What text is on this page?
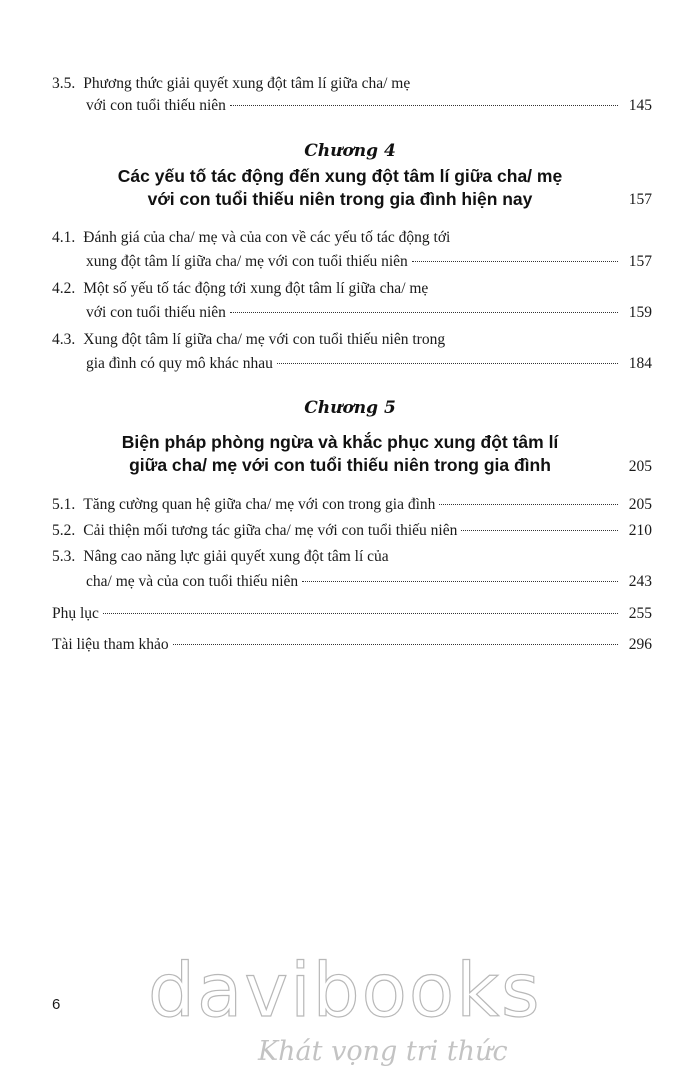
3.5. Phương thức giải quyết xung đột tâm lí giữa cha/ mẹ
với con tuổi thiếu niên	145
Chương 4
Các yếu tố tác động đến xung đột tâm lí giữa cha/ mẹ
với con tuổi thiếu niên trong gia đình hiện nay	157
4.1. Đánh giá của cha/ mẹ và của con về các yếu tố tác động tới
xung đột tâm lí giữa cha/ mẹ với con tuổi thiếu niên	157
4.2. Một số yếu tố tác động tới xung đột tâm lí giữa cha/ mẹ
với con tuổi thiếu niên	159
4.3. Xung đột tâm lí giữa cha/ mẹ với con tuổi thiếu niên trong
gia đình có quy mô khác nhau	184
Chương 5
Biện pháp phòng ngừa và khắc phục xung đột tâm lí
giữa cha/ mẹ với con tuổi thiếu niên trong gia đình	205
5.1. Tăng cường quan hệ giữa cha/ mẹ với con trong gia đình	205
5.2. Cải thiện mối tương tác giữa cha/ mẹ với con tuổi thiếu niên	210
5.3. Nâng cao năng lực giải quyết xung đột tâm lí của
cha/ mẹ và của con tuổi thiếu niên	243
Phụ lục	255
Tài liệu tham khảo	296
6 davibooks
Khát vọng tri thức
